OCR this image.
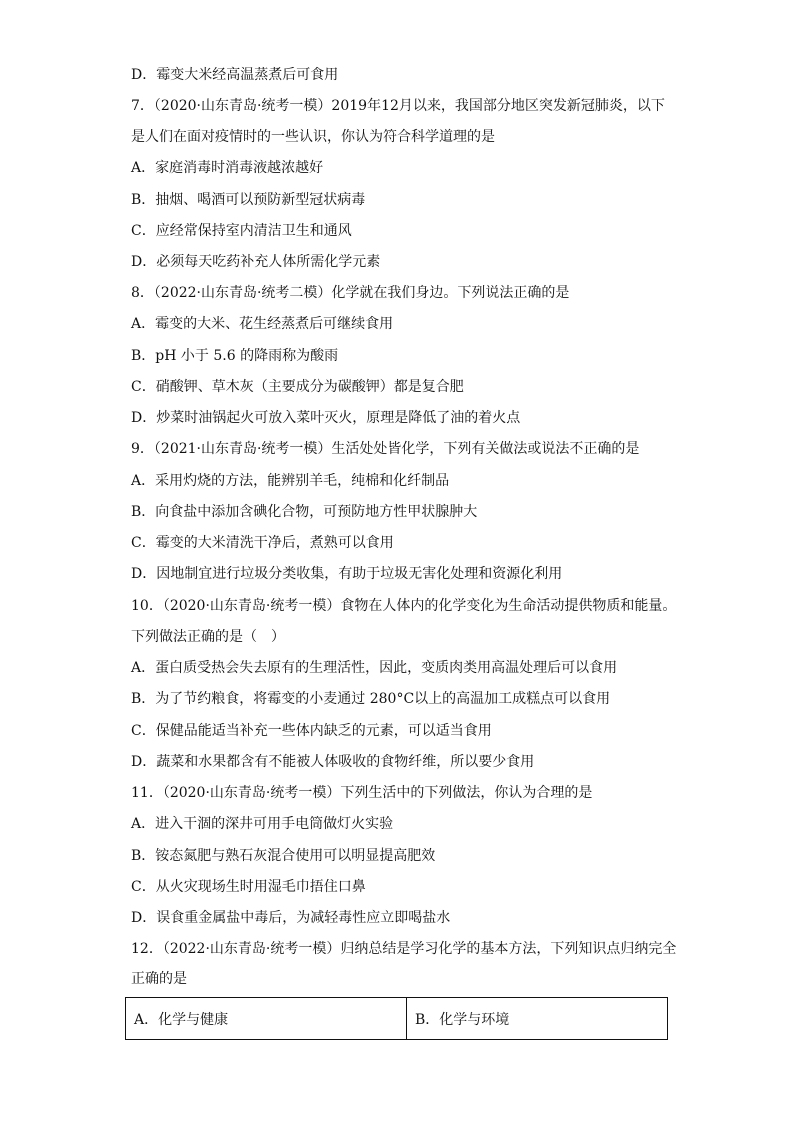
D．霉变大米经高温蒸煮后可食用
7．（2020·山东青岛·统考一模）2019年12月以来，我国部分地区突发新冠肺炎，以下
是人们在面对疫情时的一些认识，你认为符合科学道理的是
A．家庭消毒时消毒液越浓越好
B．抽烟、喝酒可以预防新型冠状病毒
C．应经常保持室内清洁卫生和通风
D．必须每天吃药补充人体所需化学元素
8．（2022·山东青岛·统考二模）化学就在我们身边。下列说法正确的是
A．霉变的大米、花生经蒸煮后可继续食用
B．pH 小于 5.6 的降雨称为酸雨
C．硝酸钾、草木灰（主要成分为碳酸钾）都是复合肥
D．炒菜时油锅起火可放入菜叶灭火，原理是降低了油的着火点
9．（2021·山东青岛·统考一模）生活处处皆化学，下列有关做法或说法不正确的是
A．采用灼烧的方法，能辨别羊毛，纯棉和化纤制品
B．向食盐中添加含碘化合物，可预防地方性甲状腺肿大
C．霉变的大米清洗干净后，煮熟可以食用
D．因地制宜进行垃圾分类收集，有助于垃圾无害化处理和资源化利用
10．（2020·山东青岛·统考一模）食物在人体内的化学变化为生命活动提供物质和能量。
下列做法正确的是（　）
A．蛋白质受热会失去原有的生理活性，因此，变质肉类用高温处理后可以食用
B．为了节约粮食，将霉变的小麦通过 280°C以上的高温加工成糕点可以食用
C．保健品能适当补充一些体内缺乏的元素，可以适当食用
D．蔬菜和水果都含有不能被人体吸收的食物纤维，所以要少食用
11．（2020·山东青岛·统考一模）下列生活中的下列做法，你认为合理的是
A．进入干涸的深井可用手电筒做灯火实验
B．铵态氮肥与熟石灰混合使用可以明显提高肥效
C．从火灾现场生时用湿毛巾捂住口鼻
D．误食重金属盐中毒后，为减轻毒性应立即喝盐水
12．（2022·山东青岛·统考一模）归纳总结是学习化学的基本方法，下列知识点归纳完全
正确的是
A．化学与健康	B．化学与环境
